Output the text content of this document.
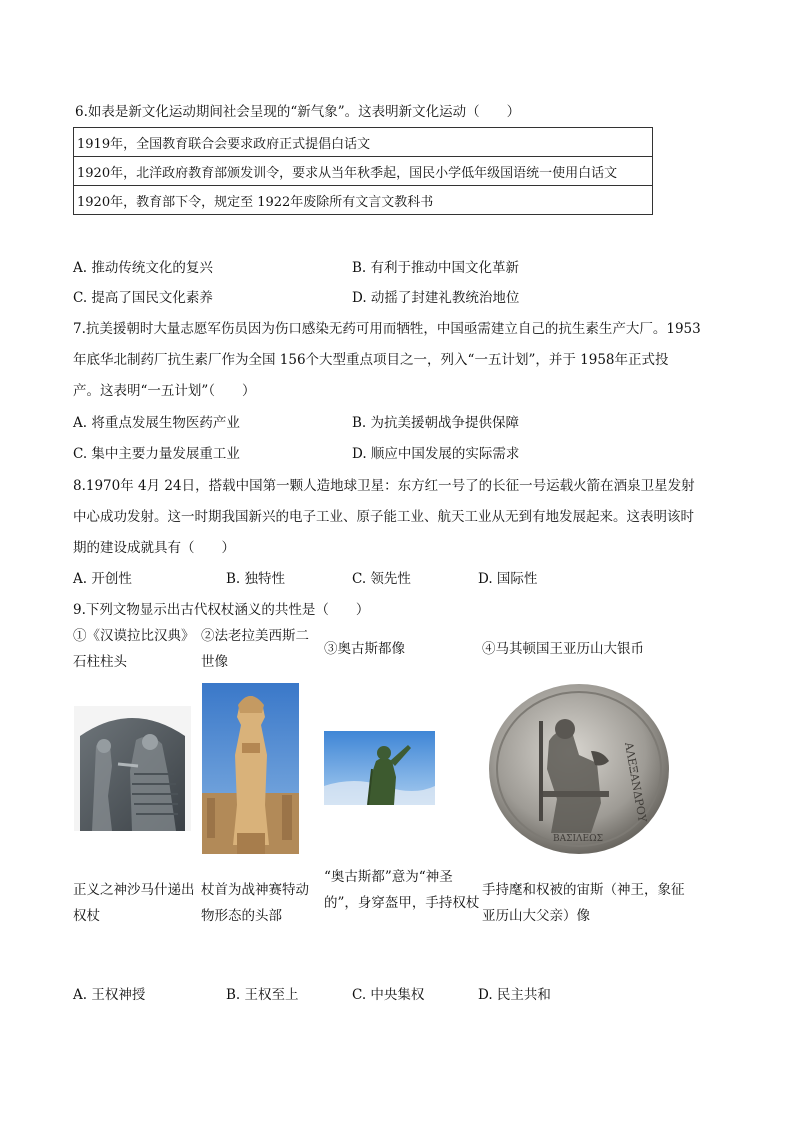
6.如表是新文化运动期间社会呈现的“新气象”。这表明新文化运动（　　）
1919年，全国教育联合会要求政府正式提倡白话文
1920年，北洋政府教育部颁发训令，要求从当年秋季起，国民小学低年级国语统一使用白话文
1920年，教育部下令，规定至 1922年废除所有文言文教科书
A. 推动传统文化的复兴	B. 有利于推动中国文化革新
C. 提高了国民文化素养	D. 动摇了封建礼教统治地位
7.抗美援朝时大量志愿军伤员因为伤口感染无药可用而牺牲，中国亟需建立自己的抗生素生产大厂。1953
年底华北制药厂抗生素厂作为全国 156个大型重点项目之一，列入“一五计划”，并于 1958年正式投
产。这表明“一五计划”（　　）
A. 将重点发展生物医药产业	B. 为抗美援朝战争提供保障
C. 集中主要力量发展重工业	D. 顺应中国发展的实际需求
8.1970年 4月 24日，搭载中国第一颗人造地球卫星：东方红一号了的长征一号运载火箭在酒泉卫星发射
中心成功发射。这一时期我国新兴的电子工业、原子能工业、航天工业从无到有地发展起来。这表明该时
期的建设成就具有（　　）
A. 开创性	B. 独特性	C. 领先性	D. 国际性
9.下列文物显示出古代权杖涵义的共性是（　　）
①《汉谟拉比汉典》石柱柱头
②法老拉美西斯二世像
③奥古斯都像	④马其顿国王亚历山大银币
ΑΛΕΞΑΝΔΡΟΥ
ΒΑΣΙΛΕΩΣ
正义之神沙马什递出权杖
杖首为战神赛特动物形态的头部
“奥古斯都”意为“神圣的”，身穿盔甲，手持权杖
手持麾和权被的宙斯（神王，象征亚历山大父亲）像
A. 王权神授	B. 王权至上	C. 中央集权	D. 民主共和
